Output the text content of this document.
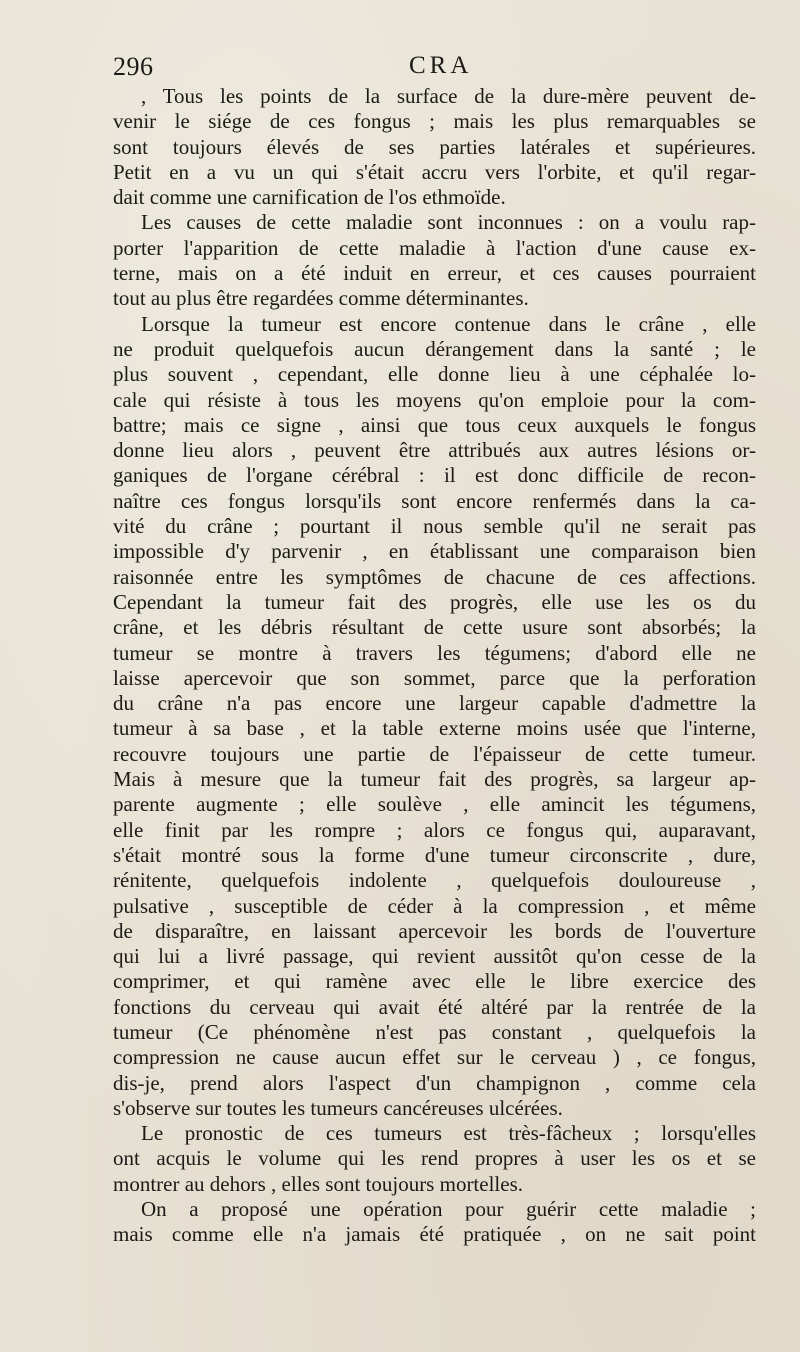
296	CRA
, Tous les points de la surface de la dure-mère peuvent de-
venir le siége de ces fongus ; mais les plus remarquables se
sont toujours élevés de ses parties latérales et supérieures.
Petit en a vu un qui s'était accru vers l'orbite, et qu'il regar-
dait comme une carnification de l'os ethmoïde.
Les causes de cette maladie sont inconnues : on a voulu rap-
porter l'apparition de cette maladie à l'action d'une cause ex-
terne, mais on a été induit en erreur, et ces causes pourraient
tout au plus être regardées comme déterminantes.
Lorsque la tumeur est encore contenue dans le crâne , elle
ne produit quelquefois aucun dérangement dans la santé ; le
plus souvent , cependant, elle donne lieu à une céphalée lo-
cale qui résiste à tous les moyens qu'on emploie pour la com-
battre; mais ce signe , ainsi que tous ceux auxquels le fongus
donne lieu alors , peuvent être attribués aux autres lésions or-
ganiques de l'organe cérébral : il est donc difficile de recon-
naître ces fongus lorsqu'ils sont encore renfermés dans la ca-
vité du crâne ; pourtant il nous semble qu'il ne serait pas
impossible d'y parvenir , en établissant une comparaison bien
raisonnée entre les symptômes de chacune de ces affections.
Cependant la tumeur fait des progrès, elle use les os du
crâne, et les débris résultant de cette usure sont absorbés; la
tumeur se montre à travers les tégumens; d'abord elle ne
laisse apercevoir que son sommet, parce que la perforation
du crâne n'a pas encore une largeur capable d'admettre la
tumeur à sa base , et la table externe moins usée que l'interne,
recouvre toujours une partie de l'épaisseur de cette tumeur.
Mais à mesure que la tumeur fait des progrès, sa largeur ap-
parente augmente ; elle soulève , elle amincit les tégumens,
elle finit par les rompre ; alors ce fongus qui, auparavant,
s'était montré sous la forme d'une tumeur circonscrite , dure,
rénitente, quelquefois indolente , quelquefois douloureuse ,
pulsative , susceptible de céder à la compression , et même
de disparaître, en laissant apercevoir les bords de l'ouverture
qui lui a livré passage, qui revient aussitôt qu'on cesse de la
comprimer, et qui ramène avec elle le libre exercice des
fonctions du cerveau qui avait été altéré par la rentrée de la
tumeur (Ce phénomène n'est pas constant , quelquefois la
compression ne cause aucun effet sur le cerveau ) , ce fongus,
dis-je, prend alors l'aspect d'un champignon , comme cela
s'observe sur toutes les tumeurs cancéreuses ulcérées.
Le pronostic de ces tumeurs est très-fâcheux ; lorsqu'elles
ont acquis le volume qui les rend propres à user les os et se
montrer au dehors , elles sont toujours mortelles.
On a proposé une opération pour guérir cette maladie ;
mais comme elle n'a jamais été pratiquée , on ne sait point
